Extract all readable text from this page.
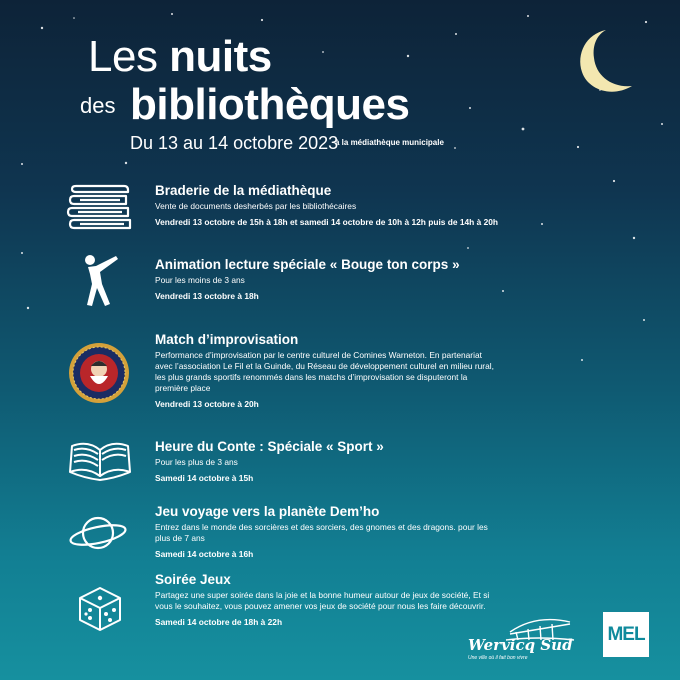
Les nuits
des bibliothèques
Du 13 au 14 octobre 2023
à la médiathèque municipale
Braderie de la médiathèque

Vente de documents desherbés par les bibliothécaires

Vendredi 13 octobre de 15h à 18h et samedi 14 octobre de 10h à 12h puis de 14h à 20h
Animation lecture spéciale « Bouge ton corps »

Pour les moins de 3 ans

Vendredi 13 octobre à 18h
Match d’improvisation

Performance d’improvisation par le centre culturel de Comines Warneton. En partenariat avec l’association Le Fil et la Guinde, du Réseau de développement culturel en milieu rural, les plus grands sportifs renommés dans les matchs d’improvisation se disputeront la première place

Vendredi 13 octobre à 20h
Heure du Conte : Spéciale « Sport »

Pour les plus de 3 ans

Samedi 14 octobre à 15h
Jeu voyage vers la planète Dem’ho

Entrez dans le monde des sorcières et des sorciers, des gnomes et des dragons. pour les plus de 7 ans

Samedi 14 octobre à 16h
Soirée Jeux

Partagez une super soirée dans la joie et la bonne humeur autour de jeux de société, Et si vous le souhaitez, vous pouvez amener vos jeux de société pour nous les faire découvrir.

Samedi 14 octobre de 18h à 22h
Wervicq Sud
Une ville où il fait bon vivre
MEL
